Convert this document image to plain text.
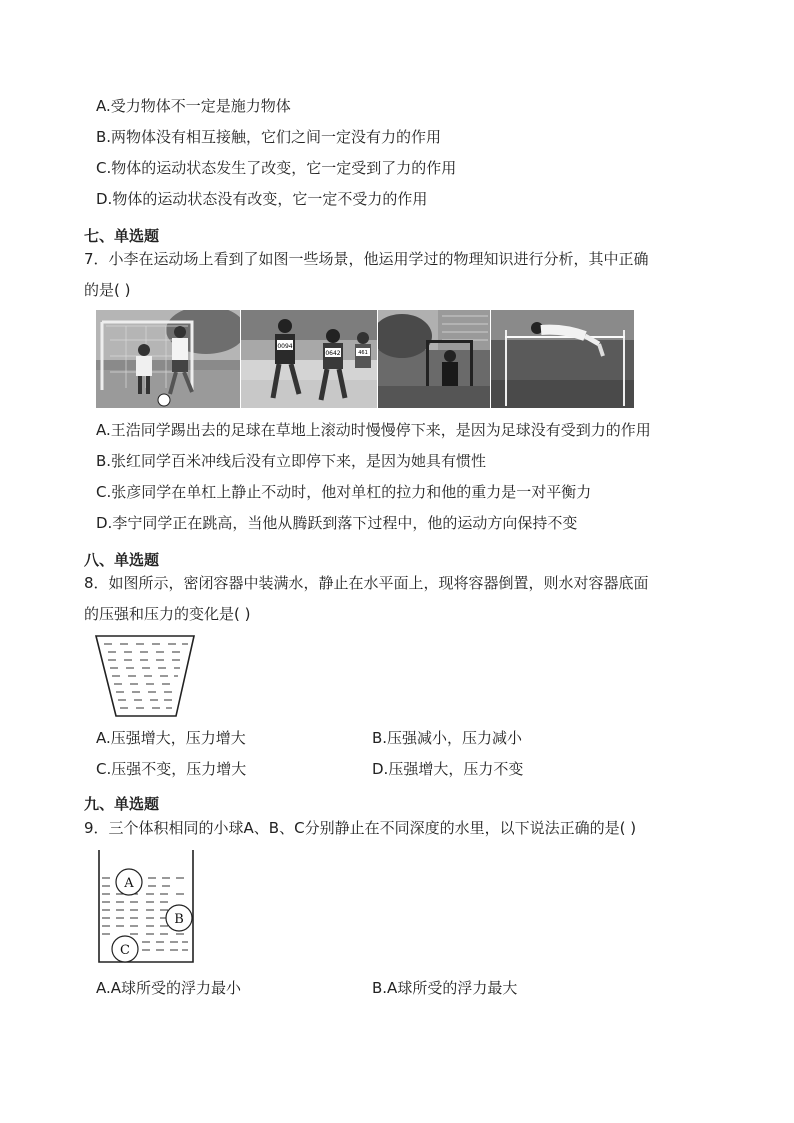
A.受力物体不一定是施力物体
B.两物体没有相互接触，它们之间一定没有力的作用
C.物体的运动状态发生了改变，它一定受到了力的作用
D.物体的运动状态没有改变，它一定不受力的作用
七、单选题
7．小李在运动场上看到了如图一些场景，他运用学过的物理知识进行分析，其中正确
的是( )
0094
0642	461
A.王浩同学踢出去的足球在草地上滚动时慢慢停下来，是因为足球没有受到力的作用
B.张红同学百米冲线后没有立即停下来，是因为她具有惯性
C.张彦同学在单杠上静止不动时，他对单杠的拉力和他的重力是一对平衡力
D.李宁同学正在跳高，当他从腾跃到落下过程中，他的运动方向保持不变
八、单选题
8．如图所示，密闭容器中装满水，静止在水平面上，现将容器倒置，则水对容器底面
的压强和压力的变化是( )
A.压强增大，压力增大	B.压强减小，压力减小
C.压强不变，压力增大	D.压强增大，压力不变
九、单选题
9．三个体积相同的小球A、B、C分别静止在不同深度的水里，以下说法正确的是( )
A
B
C
A.A球所受的浮力最小	B.A球所受的浮力最大
